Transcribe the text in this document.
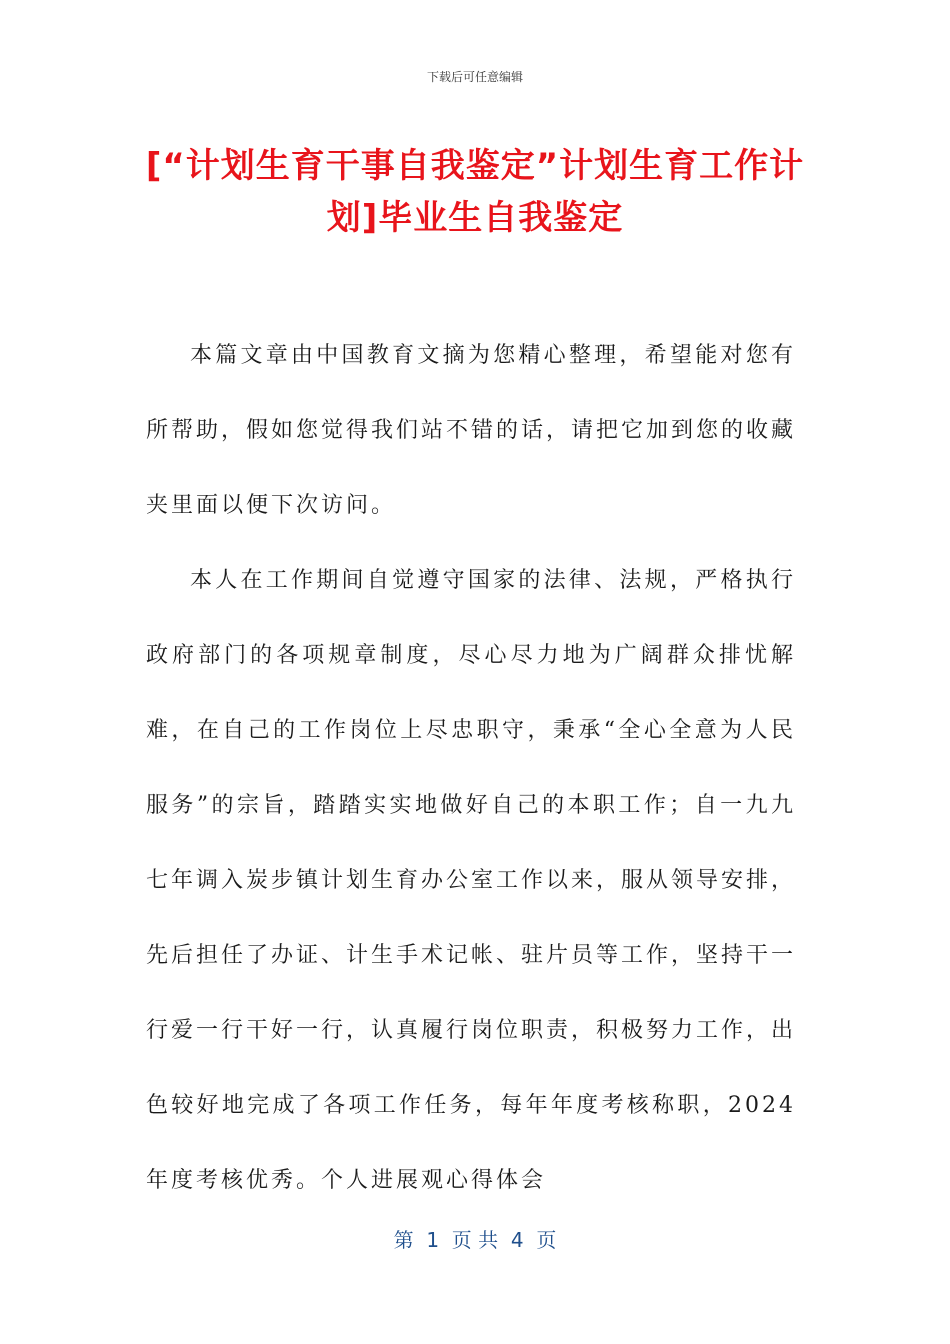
下载后可任意编辑
[“计划生育干事自我鉴定”计划生育工作计划]毕业生自我鉴定

本篇文章由中国教育文摘为您精心整理，希望能对您有所帮助，假如您觉得我们站不错的话，请把它加到您的收藏夹里面以便下次访问。

本人在工作期间自觉遵守国家的法律、法规，严格执行政府部门的各项规章制度，尽心尽力地为广阔群众排忧解难，在自己的工作岗位上尽忠职守，秉承“全心全意为人民服务”的宗旨，踏踏实实地做好自己的本职工作；自一九九七年调入炭步镇计划生育办公室工作以来，服从领导安排，先后担任了办证、计生手术记帐、驻片员等工作，坚持干一行爱一行干好一行，认真履行岗位职责，积极努力工作，出色较好地完成了各项工作任务，每年年度考核称职，2024年度考核优秀。个人进展观心得体会

第  1  页 共  4  页
